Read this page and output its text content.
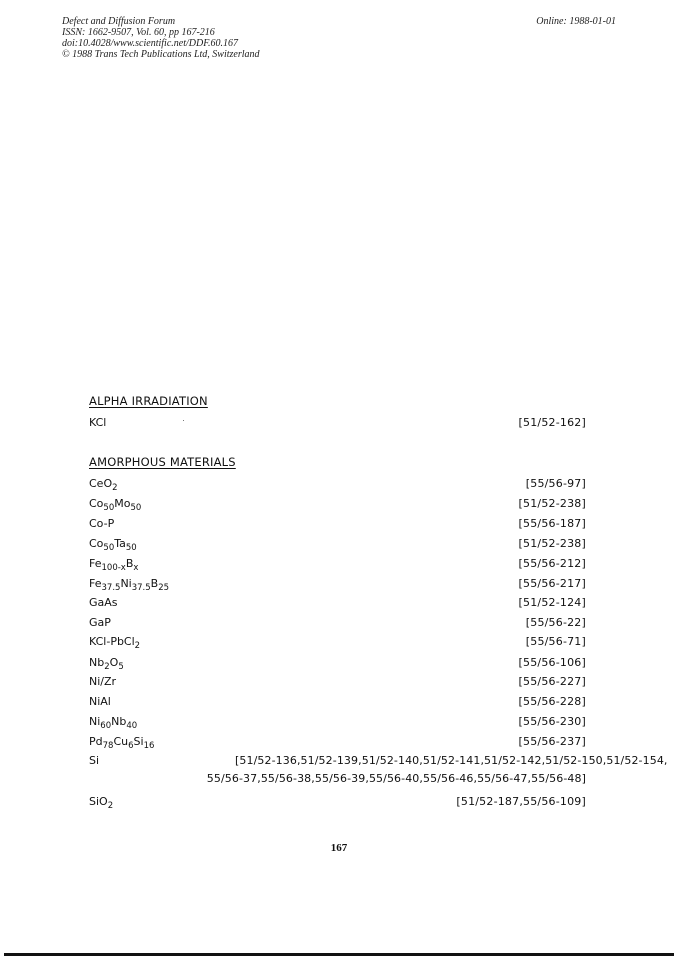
Defect and Diffusion Forum
ISSN: 1662-9507, Vol. 60, pp 167-216
doi:10.4028/www.scientific.net/DDF.60.167
© 1988 Trans Tech Publications Ltd, Switzerland
Online: 1988-01-01
ALPHA IRRADIATION
KCl	[51/52-162]
AMORPHOUS MATERIALS
CeO$_2$	[55/56-97]
$Co_{50}Mo_{50}$	[51/52-238]
Co-P	[55/56-187]
$Co_{50}Ta_{50}$	[51/52-238]
$Fe_{100-x}B_x$	[55/56-212]
$Fe_{37.5}Ni_{37.5}B_{25}$	[55/56-217]
GaAs	[51/52-124]
GaP	[55/56-22]
KCl-PbCl$_2$	[55/56-71]
$Nb_2O_5$	[55/56-106]
Ni/Zr	[55/56-227]
NiAl	[55/56-228]
$Ni_{60}Nb_{40}$	[55/56-230]
$Pd_{78}Cu_6Si_{16}$	[55/56-237]
Si	[51/52-136,51/52-139,51/52-140,51/52-141,51/52-142,51/52-150,51/52-154,
55/56-37,55/56-38,55/56-39,55/56-40,55/56-46,55/56-47,55/56-48]
SiO$_2$	[51/52-187,55/56-109]
167
